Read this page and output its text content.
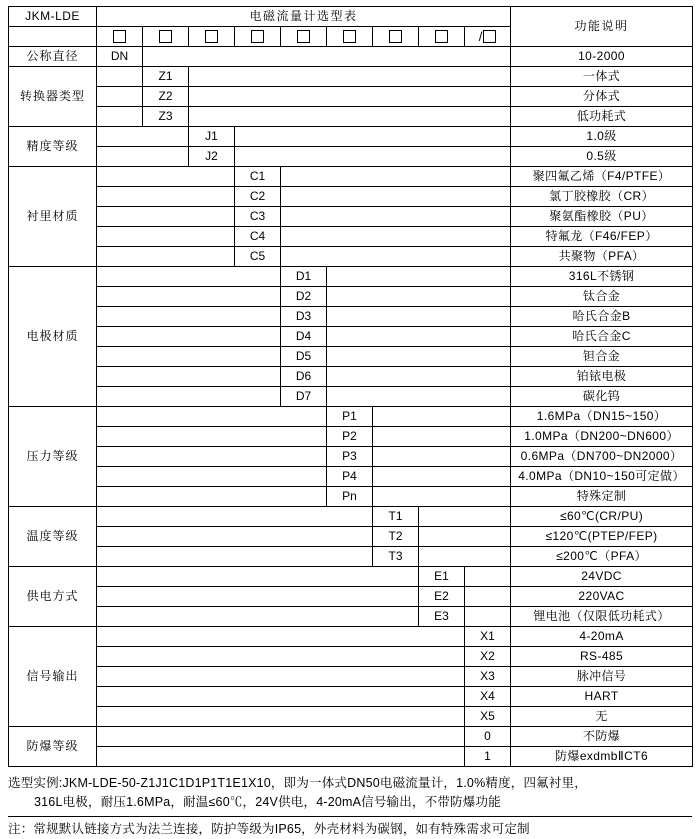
JKM-LDE	电磁流量计选型表									功能说明
									/	
公称直径	DN									10-2000
转换器类型		Z1								一体式
		Z2								分体式
		Z3								低功耗式
精度等级			J1							1.0级
			J2							0.5级
衬里材质				C1						聚四氟乙烯（F4/PTFE）
				C2						氯丁胶橡胶（CR）
				C3						聚氨酯橡胶（PU）
				C4						特氟龙（F46/FEP）
				C5						共聚物（PFA）
电极材质					D1					316L不锈钢
					D2					钛合金
					D3					哈氏合金B
					D4					哈氏合金C
					D5					钽合金
					D6					铂铱电极
					D7					碳化钨
压力等级						P1				1.6MPa（DN15~150）
						P2				1.0MPa（DN200~DN600）
						P3				0.6MPa（DN700~DN2000）
						P4				4.0MPa（DN10~150可定做）
						Pn				特殊定制
温度等级							T1			≤60℃(CR/PU)
							T2			≤120℃(PTEP/FEP)
							T3			≤200℃（PFA）
供电方式								E1		24VDC
								E2		220VAC
								E3		锂电池（仅限低功耗式）
信号输出									X1	4-20mA
									X2	RS-485
									X3	脉冲信号
									X4	HART
									X5	无
防爆等级									0	不防爆
									1	防爆exdmbⅡCT6
选型实例:JKM-LDE-50-Z1J1C1D1P1T1E1X10，即为一体式DN50电磁流量计，1.0%精度，四氟衬里，
316L电极，耐压1.6MPa，耐温≤60℃，24V供电，4-20mA信号输出，不带防爆功能
注：常规默认链接方式为法兰连接，防护等级为IP65，外壳材料为碳钢，如有特殊需求可定制
